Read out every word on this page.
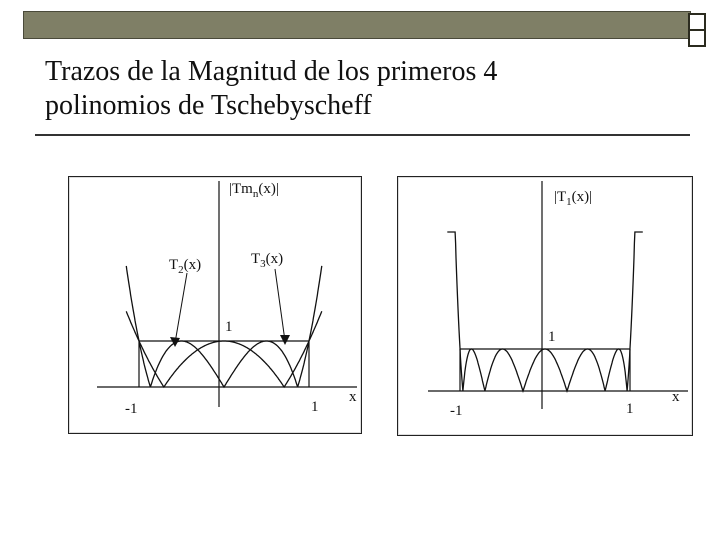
Trazos de la Magnitud de los primeros 4
polinomios de Tschebyscheff
$|Tm_n(x)|$
$T_2(x)$	$T_3(x)$
1
-1	1
x
$|T_1(x)|$
1
-1	1
x
